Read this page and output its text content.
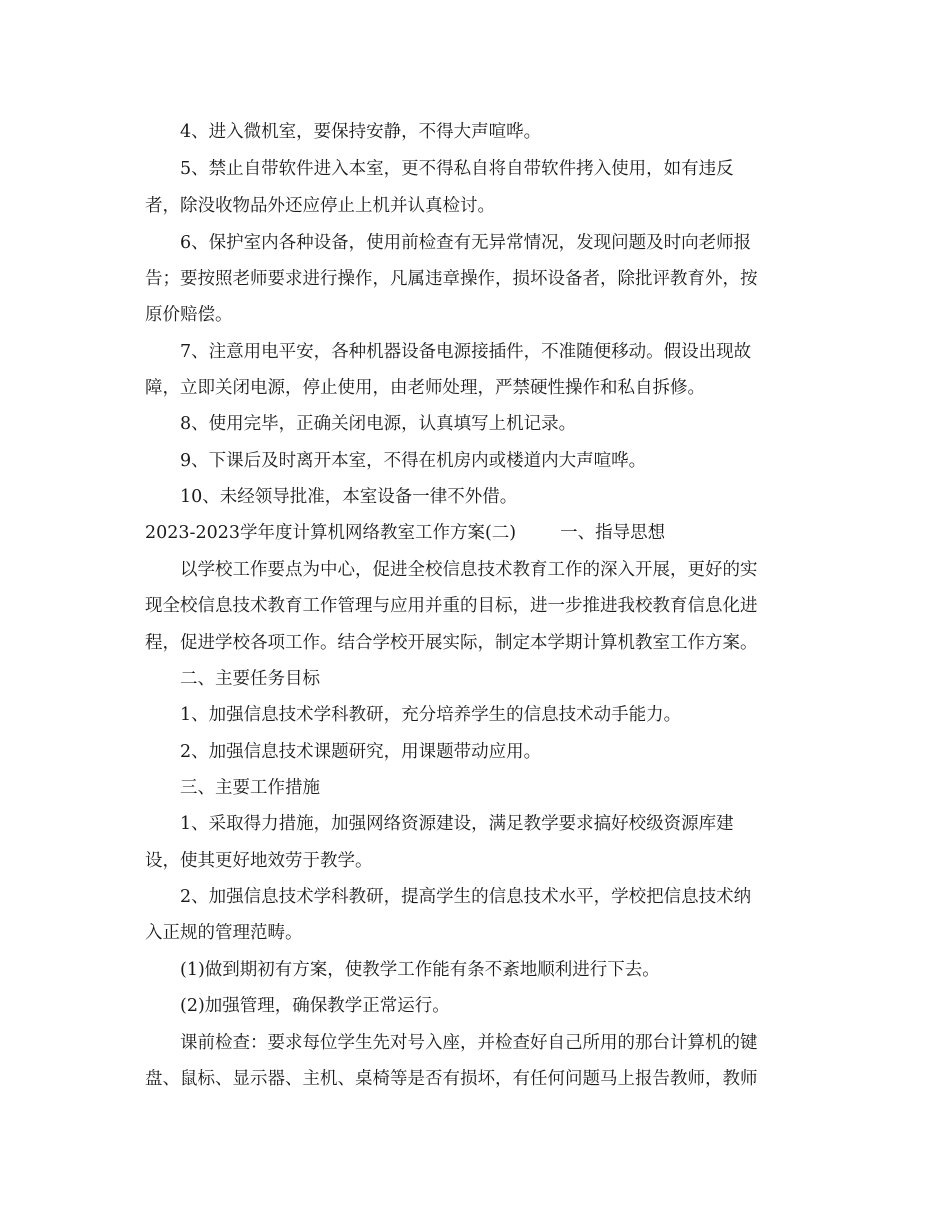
4、进入微机室，要保持安静，不得大声喧哗。
5、禁止自带软件进入本室，更不得私自将自带软件拷入使用，如有违反
者，除没收物品外还应停止上机并认真检讨。
6、保护室内各种设备，使用前检查有无异常情况，发现问题及时向老师报
告；要按照老师要求进行操作，凡属违章操作，损坏设备者，除批评教育外，按
原价赔偿。
7、注意用电平安，各种机器设备电源接插件，不准随便移动。假设出现故
障，立即关闭电源，停止使用，由老师处理，严禁硬性操作和私自拆修。
8、使用完毕，正确关闭电源，认真填写上机记录。
9、下课后及时离开本室，不得在机房内或楼道内大声喧哗。
10、未经领导批准，本室设备一律不外借。
2023-2023学年度计算机网络教室工作方案(二)	一、指导思想
以学校工作要点为中心，促进全校信息技术教育工作的深入开展，更好的实
现全校信息技术教育工作管理与应用并重的目标，进一步推进我校教育信息化进
程，促进学校各项工作。结合学校开展实际，制定本学期计算机教室工作方案。
二、主要任务目标
1、加强信息技术学科教研，充分培养学生的信息技术动手能力。
2、加强信息技术课题研究，用课题带动应用。
三、主要工作措施
1、采取得力措施，加强网络资源建设，满足教学要求搞好校级资源库建
设，使其更好地效劳于教学。
2、加强信息技术学科教研，提高学生的信息技术水平，学校把信息技术纳
入正规的管理范畴。
(1)做到期初有方案，使教学工作能有条不紊地顺利进行下去。
(2)加强管理，确保教学正常运行。
课前检查：要求每位学生先对号入座，并检查好自己所用的那台计算机的键
盘、鼠标、显示器、主机、桌椅等是否有损坏，有任何问题马上报告教师，教师
